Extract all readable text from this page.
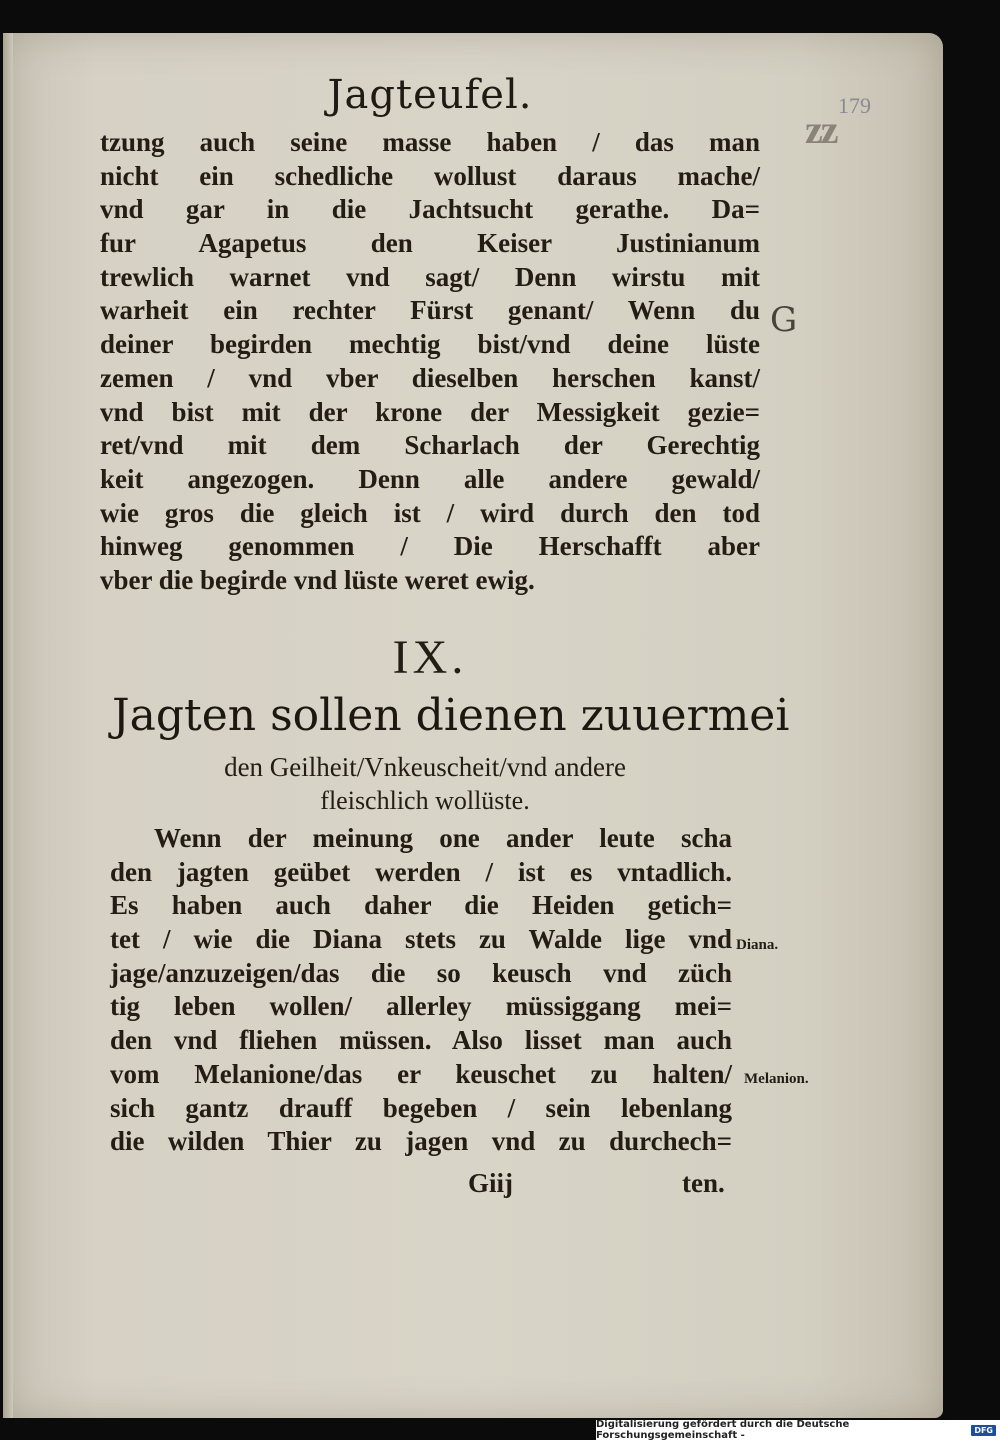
Jagteufel.	179
zz
G
tzung auch seine masse haben / das man
nicht ein schedliche wollust daraus mache/
vnd gar in die Jachtsucht gerathe. Da=
fur Agapetus den Keiser Justinianum
trewlich warnet vnd sagt/ Denn wirstu mit
warheit ein rechter Fürst genant/ Wenn du
deiner begirden mechtig bist/vnd deine lüste
zemen / vnd vber dieselben herschen kanst/
vnd bist mit der krone der Messigkeit gezie=
ret/vnd mit dem Scharlach der Gerechtig
keit angezogen. Denn alle andere gewald/
wie gros die gleich ist / wird durch den tod
hinweg genommen / Die Herschafft aber
vber die begirde vnd lüste weret ewig.
IX.
Jagten sollen dienen zuuermei
den Geilheit/Vnkeuscheit/vnd andere
fleischlich wollüste.
Wenn der meinung one ander leute scha
den jagten geübet werden / ist es vntadlich.
Es haben auch daher die Heiden getich=
tet / wie die Diana stets zu Walde lige vnd
jage/anzuzeigen/das die so keusch vnd züch
tig leben wollen/ allerley müssiggang mei=
den vnd fliehen müssen. Also lisset man auch
vom Melanione/das er keuschet zu halten/
sich gantz drauff begeben / sein lebenlang
die wilden Thier zu jagen vnd zu durchech=
Diana.
Melanion.
Giij	ten.
Digitalisierung gefördert durch die Deutsche Forschungsgemeinschaft -	DFG
